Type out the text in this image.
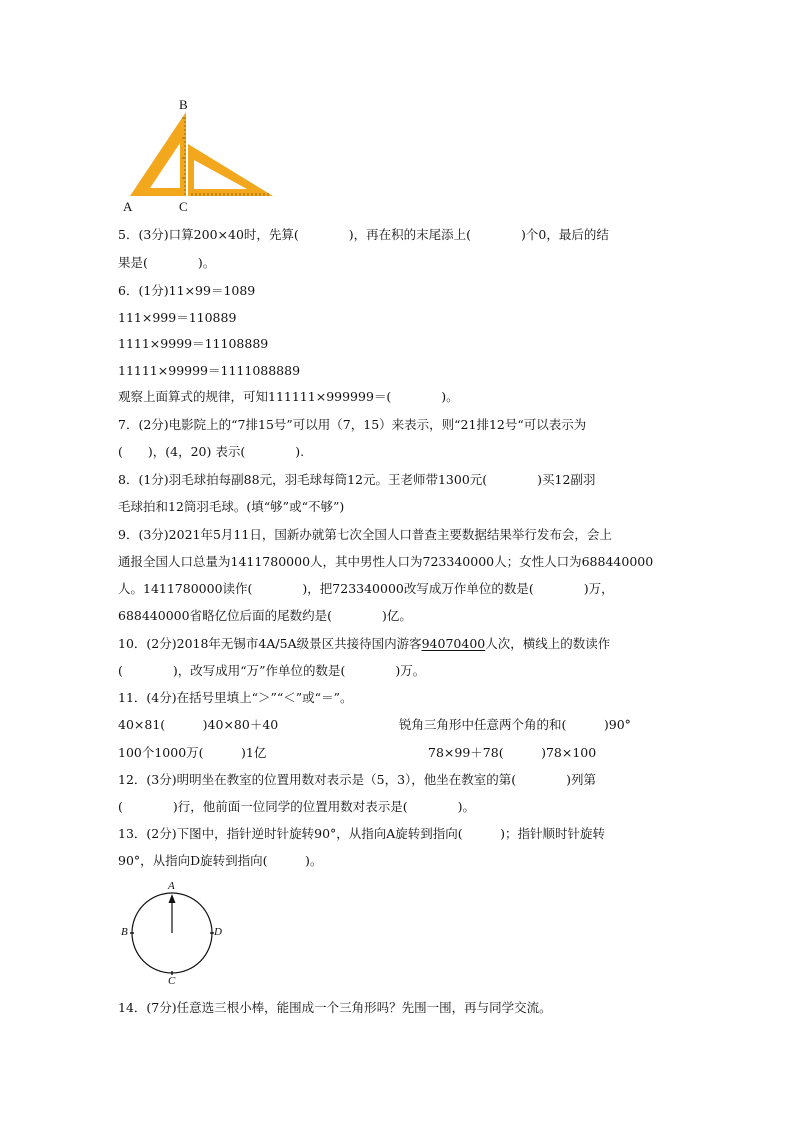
B
A	C
5．(3分)口算200×40时，先算(　　　　)，再在积的末尾添上(　　　　)个0，最后的结
果是(　　　　)。
6．(1分)11×99＝1089
111×999＝110889
1111×9999＝11108889
11111×99999＝1111088889
观察上面算式的规律，可知111111×999999＝(　　　　)。
7．(2分)电影院上的“7排15号”可以用（7，15）来表示，则“21排12号“可以表示为
(　　)，(4，20) 表示(　　　　).
8．(1分)羽毛球拍每副88元，羽毛球每筒12元。王老师带1300元(　　　　)买12副羽
毛球拍和12筒羽毛球。(填“够”或“不够”)
9．(3分)2021年5月11日，国新办就第七次全国人口普查主要数据结果举行发布会，会上
通报全国人口总量为1411780000人，其中男性人口为723340000人；女性人口为688440000
人。1411780000读作(　　　　)，把723340000改写成万作单位的数是(　　　　)万，
688440000省略亿位后面的尾数约是(　　　　)亿。
10．(2分)2018年无锡市4A/5A级景区共接待国内游客94070400人次，横线上的数读作
(　　　　)，改写成用“万”作单位的数是(　　　　)万。
11．(4分)在括号里填上“＞”“＜”或“＝”。
40×81(　　　)40×80＋40	锐角三角形中任意两个角的和(　　　)90°
100个1000万(　　　)1亿	78×99＋78(　　　)78×100
12．(3分)明明坐在教室的位置用数对表示是（5，3），他坐在教室的第(　　　　)列第
(　　　　)行，他前面一位同学的位置用数对表示是(　　　　)。
13．(2分)下图中，指针逆时针旋转90°，从指向A旋转到指向(　　　)；指针顺时针旋转
90°，从指向D旋转到指向(　　　)。
A
B	D
C
14．(7分)任意选三根小棒，能围成一个三角形吗？先围一围，再与同学交流。
